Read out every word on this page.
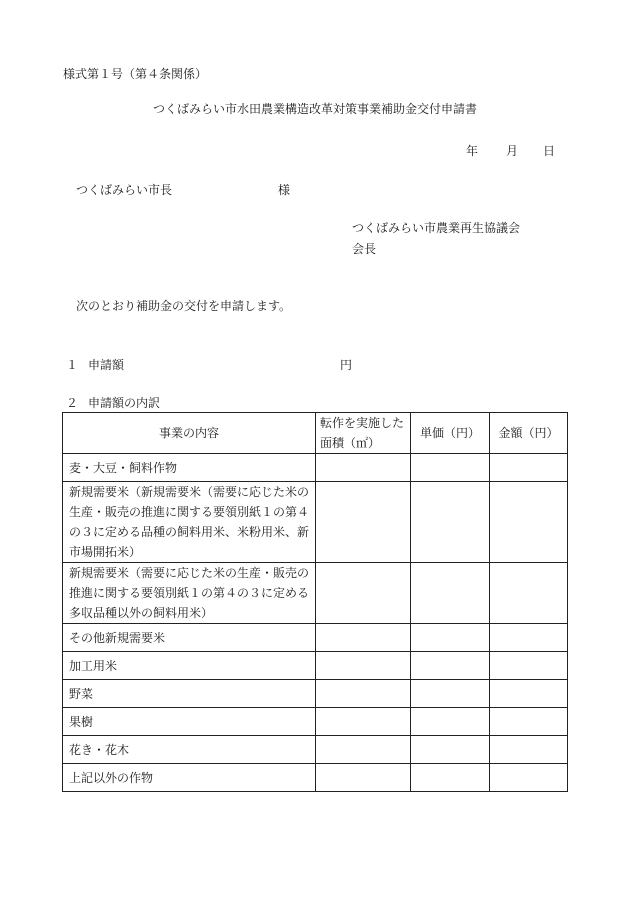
様式第１号（第４条関係）
つくばみらい市水田農業構造改革対策事業補助金交付申請書
年 月 日
つくばみらい市長	様
つくばみらい市農業再生協議会
会長
次のとおり補助金の交付を申請します。
１ 申請額	円
２ 申請額の内訳
事業の内容	転作を実施した面積（㎡）	単価（円）	金額（円）
麦・大豆・飼料作物			
新規需要米（新規需要米（需要に応じた米の生産・販売の推進に関する要領別紙１の第４の３に定める品種の飼料用米、米粉用米、新市場開拓米）			
新規需要米（需要に応じた米の生産・販売の推進に関する要領別紙１の第４の３に定める多収品種以外の飼料用米）			
その他新規需要米			
加工用米			
野菜			
果樹			
花き・花木			
上記以外の作物			
